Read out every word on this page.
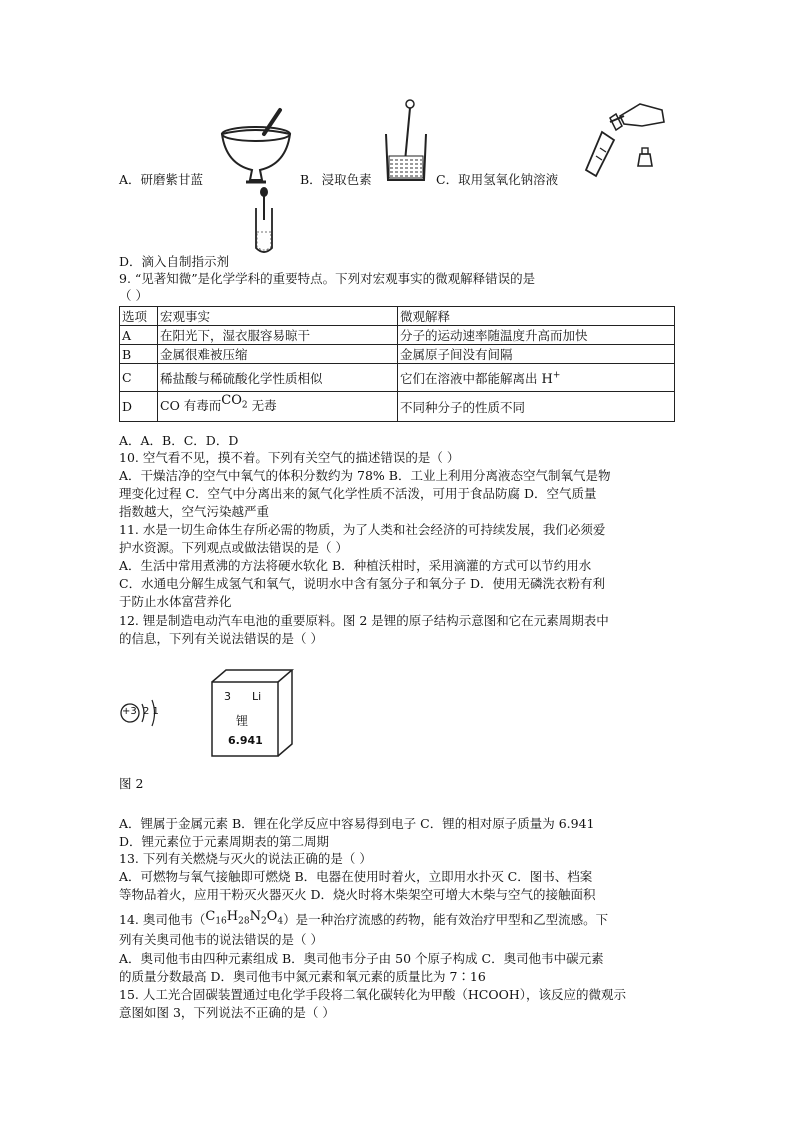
A．研磨紫甘蓝	B．浸取色素	C．取用氢氧化钠溶液
D．滴入自制指示剂
9. “见著知微”是化学学科的重要特点。下列对宏观事实的微观解释错误的是
（ ）
选项	宏观事实	微观解释
A	在阳光下，湿衣服容易晾干	分子的运动速率随温度升高而加快
B	金属很难被压缩	金属原子间没有间隔
C	稀盐酸与稀硫酸化学性质相似	它们在溶液中都能解离出 H+
D	CO 有毒而$CO_2$ 无毒	不同种分子的性质不同
A．A．B．C．D．D
10. 空气看不见，摸不着。下列有关空气的描述错误的是（ ）
A．干燥洁净的空气中氧气的体积分数约为 78% B．工业上利用分离液态空气制氧气是物
理变化过程 C．空气中分离出来的氮气化学性质不活泼，可用于食品防腐 D．空气质量
指数越大，空气污染越严重
11. 水是一切生命体生存所必需的物质，为了人类和社会经济的可持续发展，我们必须爱
护水资源。下列观点或做法错误的是（ ）
A．生活中常用煮沸的方法将硬水软化 B．种植沃柑时，采用滴灌的方式可以节约用水
C．水通电分解生成氢气和氧气，说明水中含有氢分子和氧分子 D．使用无磷洗衣粉有利
于防止水体富营养化
12. 锂是制造电动汽车电池的重要原料。图 2 是锂的原子结构示意图和它在元素周期表中
的信息，下列有关说法错误的是（ ）
+3 2 1
3 Li
锂
6.941
图 2
A．锂属于金属元素 B．锂在化学反应中容易得到电子 C．锂的相对原子质量为 6.941
D．锂元素位于元素周期表的第二周期
13. 下列有关燃烧与灭火的说法正确的是（ ）
A．可燃物与氧气接触即可燃烧 B．电器在使用时着火，立即用水扑灭 C．图书、档案
等物品着火，应用干粉灭火器灭火 D．烧火时将木柴架空可增大木柴与空气的接触面积
14. 奥司他韦$(C_{16}H_{28}N_2O_4)$是一种治疗流感的药物，能有效治疗甲型和乙型流感。下
列有关奥司他韦的说法错误的是（ ）
A．奥司他韦由四种元素组成 B．奥司他韦分子由 50 个原子构成 C．奥司他韦中碳元素
的质量分数最高 D．奥司他韦中氮元素和氧元素的质量比为 7∶16
15. 人工光合固碳装置通过电化学手段将二氧化碳转化为甲酸（HCOOH），该反应的微观示
意图如图 3，下列说法不正确的是（ ）
